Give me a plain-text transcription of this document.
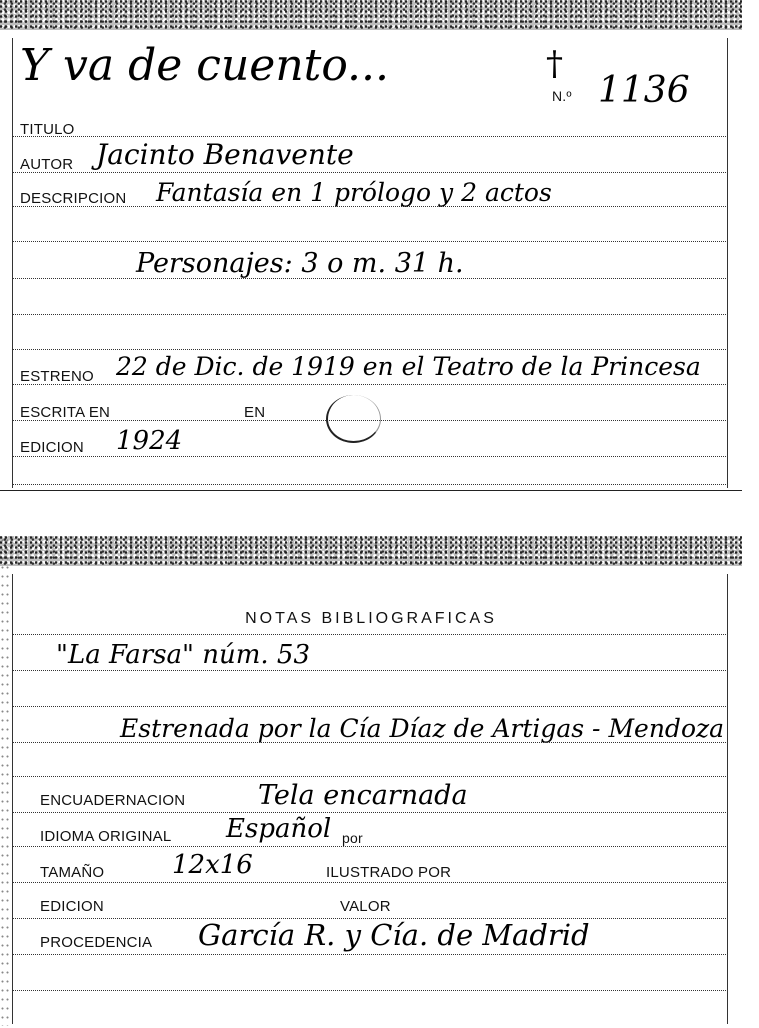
Y va de cuento...	†
N.º 1136
TITULO
AUTOR Jacinto Benavente
DESCRIPCION Fantasía en 1 prólogo y 2 actos
Personajes: 3 o m. 31 h.
ESTRENO 22 de Dic. de 1919 en el Teatro de la Princesa
ESCRITA EN	EN
EDICION 1924
NOTAS BIBLIOGRAFICAS
"La Farsa" núm. 53
Estrenada por la Cía Díaz de Artigas - Mendoza
ENCUADERNACION	Tela encarnada
IDIOMA ORIGINAL Español por
TAMAÑO	12x16	ILUSTRADO POR
EDICION	VALOR
PROCEDENCIA García R. y Cía. de Madrid
